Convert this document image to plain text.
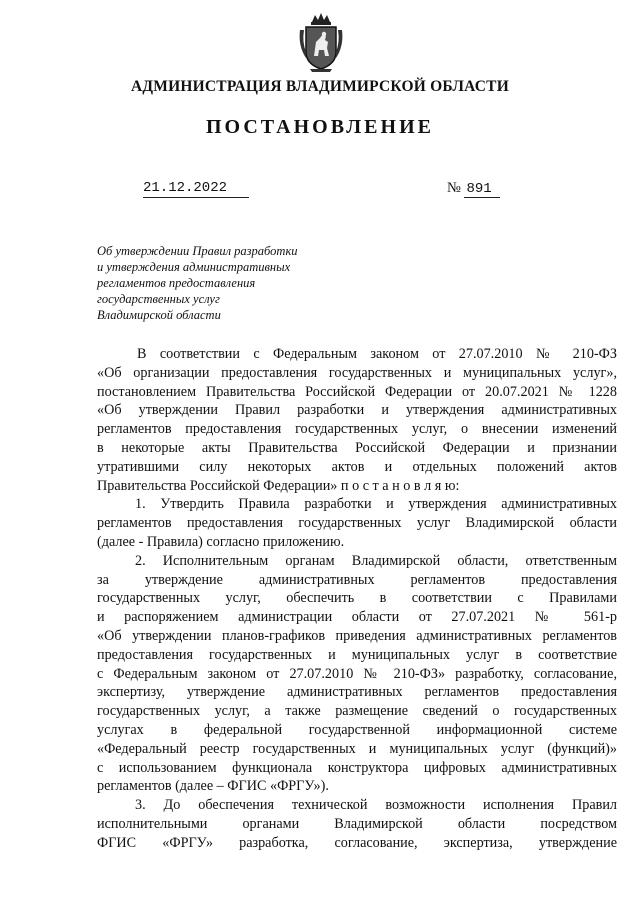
АДМИНИСТРАЦИЯ ВЛАДИМИРСКОЙ ОБЛАСТИ
ПОСТАНОВЛЕНИЕ
21.12.2022	№ 891
Об утверждении Правил разработки
и утверждения административных
регламентов предоставления
государственных услуг
Владимирской области
В соответствии с Федеральным законом от 27.07.2010 № 210-ФЗ
«Об организации предоставления государственных и муниципальных услуг»,
постановлением Правительства Российской Федерации от 20.07.2021 № 1228
«Об утверждении Правил разработки и утверждения административных
регламентов предоставления государственных услуг, о внесении изменений
в некоторые акты Правительства Российской Федерации и признании
утратившими силу некоторых актов и отдельных положений актов
Правительства Российской Федерации» п о с т а н о в л я ю:
1. Утвердить Правила разработки и утверждения административных
регламентов предоставления государственных услуг Владимирской области
(далее - Правила) согласно приложению.
2. Исполнительным органам Владимирской области, ответственным
за утверждение административных регламентов предоставления
государственных услуг, обеспечить в соответствии с Правилами
и распоряжением администрации области от 27.07.2021 № 561-р
«Об утверждении планов-графиков приведения административных регламентов
предоставления государственных и муниципальных услуг в соответствие
с Федеральным законом от 27.07.2010 № 210-ФЗ» разработку, согласование,
экспертизу, утверждение административных регламентов предоставления
государственных услуг, а также размещение сведений о государственных
услугах в федеральной государственной информационной системе
«Федеральный реестр государственных и муниципальных услуг (функций)»
с использованием функционала конструктора цифровых административных
регламентов (далее – ФГИС «ФРГУ»).
3. До обеспечения технической возможности исполнения Правил
исполнительными органами Владимирской области посредством
ФГИС «ФРГУ» разработка, согласование, экспертиза, утверждение
